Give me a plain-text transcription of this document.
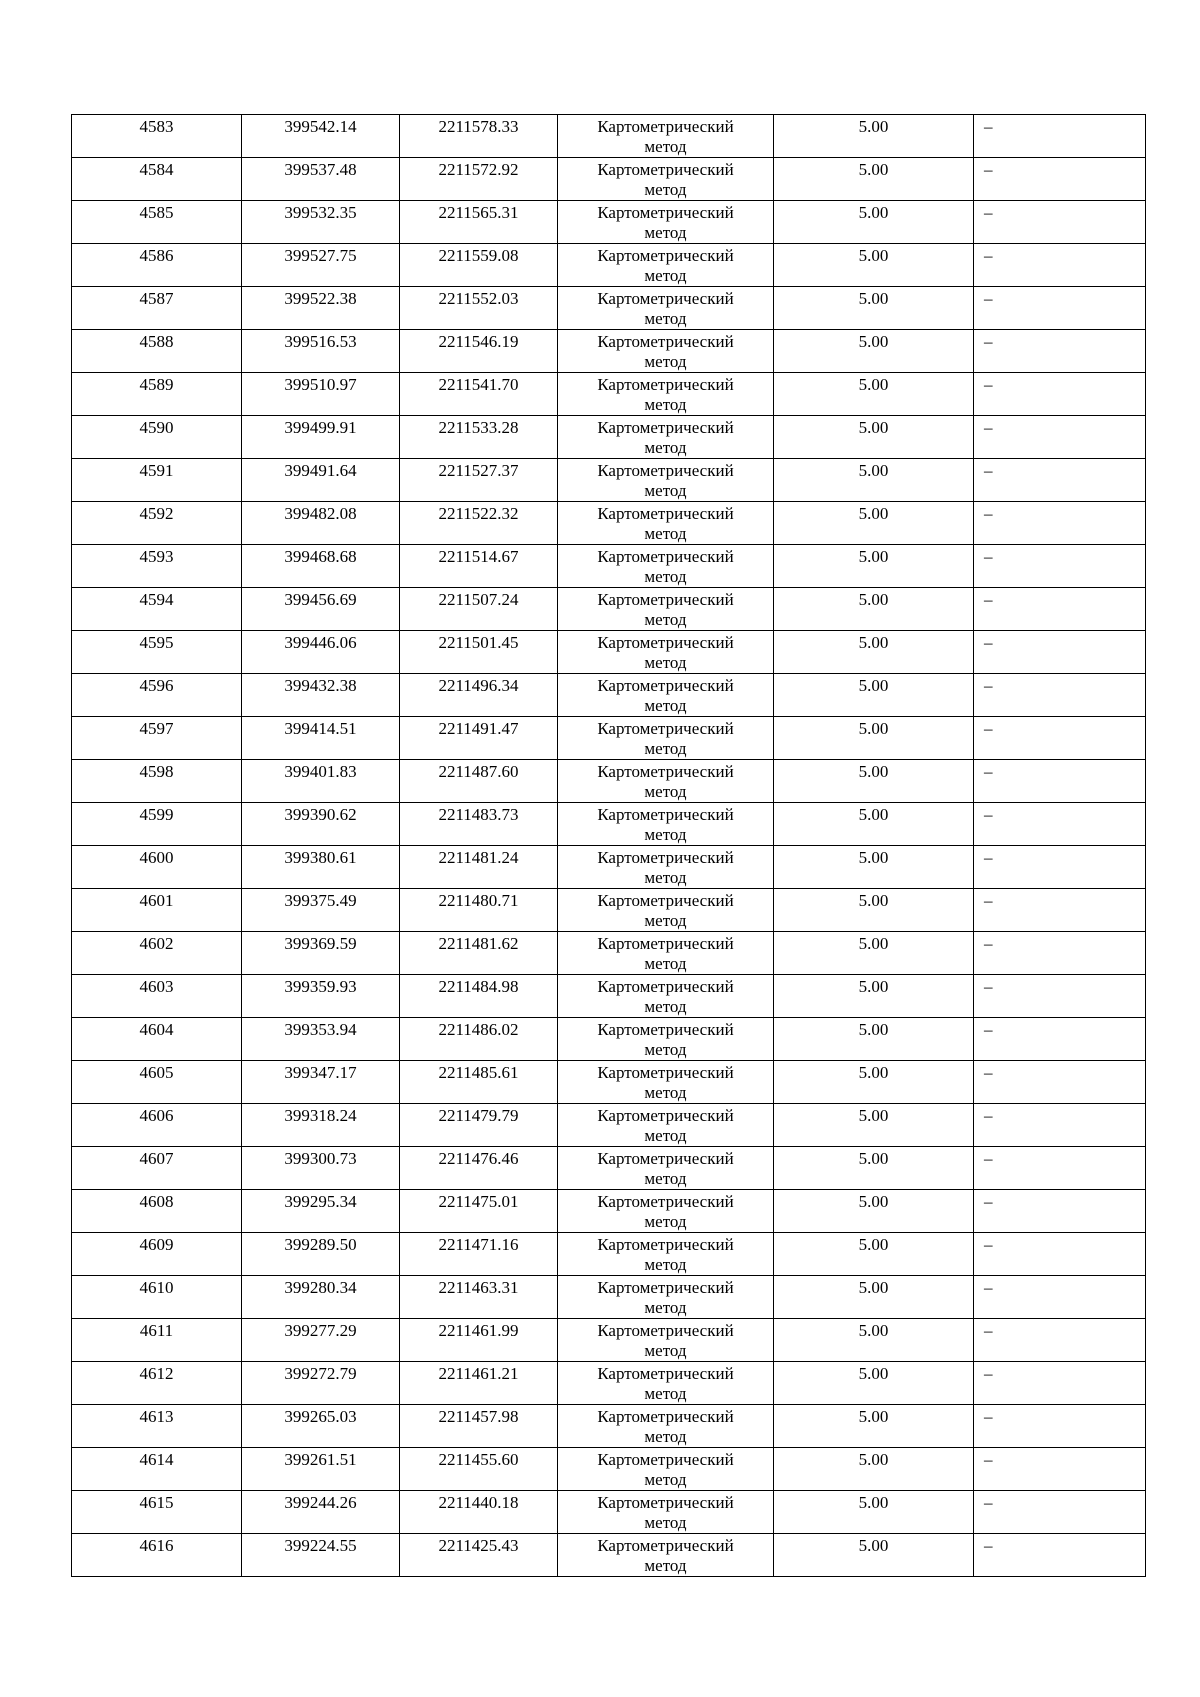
4583	399542.14	2211578.33	Картометрический
метод	5.00	–
4584	399537.48	2211572.92	Картометрический
метод	5.00	–
4585	399532.35	2211565.31	Картометрический
метод	5.00	–
4586	399527.75	2211559.08	Картометрический
метод	5.00	–
4587	399522.38	2211552.03	Картометрический
метод	5.00	–
4588	399516.53	2211546.19	Картометрический
метод	5.00	–
4589	399510.97	2211541.70	Картометрический
метод	5.00	–
4590	399499.91	2211533.28	Картометрический
метод	5.00	–
4591	399491.64	2211527.37	Картометрический
метод	5.00	–
4592	399482.08	2211522.32	Картометрический
метод	5.00	–
4593	399468.68	2211514.67	Картометрический
метод	5.00	–
4594	399456.69	2211507.24	Картометрический
метод	5.00	–
4595	399446.06	2211501.45	Картометрический
метод	5.00	–
4596	399432.38	2211496.34	Картометрический
метод	5.00	–
4597	399414.51	2211491.47	Картометрический
метод	5.00	–
4598	399401.83	2211487.60	Картометрический
метод	5.00	–
4599	399390.62	2211483.73	Картометрический
метод	5.00	–
4600	399380.61	2211481.24	Картометрический
метод	5.00	–
4601	399375.49	2211480.71	Картометрический
метод	5.00	–
4602	399369.59	2211481.62	Картометрический
метод	5.00	–
4603	399359.93	2211484.98	Картометрический
метод	5.00	–
4604	399353.94	2211486.02	Картометрический
метод	5.00	–
4605	399347.17	2211485.61	Картометрический
метод	5.00	–
4606	399318.24	2211479.79	Картометрический
метод	5.00	–
4607	399300.73	2211476.46	Картометрический
метод	5.00	–
4608	399295.34	2211475.01	Картометрический
метод	5.00	–
4609	399289.50	2211471.16	Картометрический
метод	5.00	–
4610	399280.34	2211463.31	Картометрический
метод	5.00	–
4611	399277.29	2211461.99	Картометрический
метод	5.00	–
4612	399272.79	2211461.21	Картометрический
метод	5.00	–
4613	399265.03	2211457.98	Картометрический
метод	5.00	–
4614	399261.51	2211455.60	Картометрический
метод	5.00	–
4615	399244.26	2211440.18	Картометрический
метод	5.00	–
4616	399224.55	2211425.43	Картометрический
метод	5.00	–
